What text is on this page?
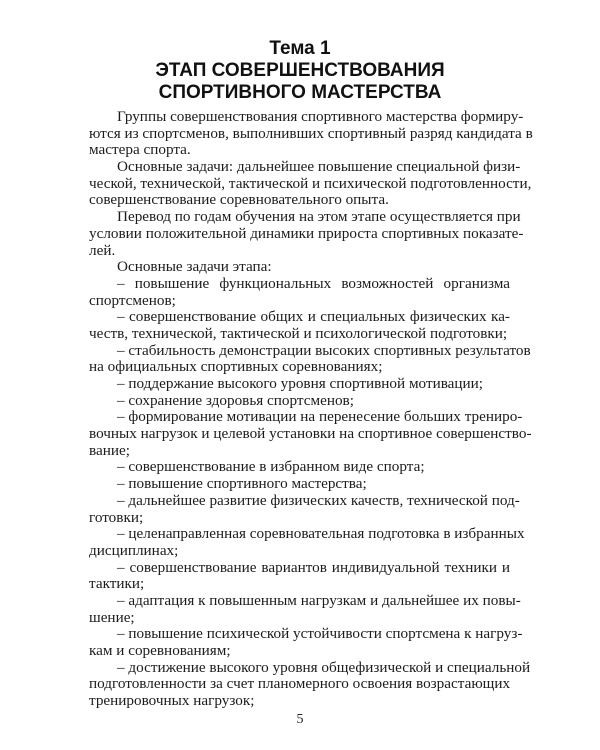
Тема 1
ЭТАП СОВЕРШЕНСТВОВАНИЯ
СПОРТИВНОГО МАСТЕРСТВА
Группы совершенствования спортивного мастерства формиру-
ются из спортсменов, выполнивших спортивный разряд кандидата в
мастера спорта.
Основные задачи: дальнейшее повышение специальной физи-
ческой, технической, тактической и психической подготовленности,
совершенствование соревновательного опыта.
Перевод по годам обучения на этом этапе осуществляется при
условии положительной динамики прироста спортивных показате-
лей.
Основные задачи этапа:
– повышение функциональных возможностей организма
спортсменов;
– совершенствование общих и специальных физических ка-
честв, технической, тактической и психологической подготовки;
– стабильность демонстрации высоких спортивных результатов
на официальных спортивных соревнованиях;
– поддержание высокого уровня спортивной мотивации;
– сохранение здоровья спортсменов;
– формирование мотивации на перенесение больших трениро-
вочных нагрузок и целевой установки на спортивное совершенство-
вание;
– совершенствование в избранном виде спорта;
– повышение спортивного мастерства;
– дальнейшее развитие физических качеств, технической под-
готовки;
– целенаправленная соревновательная подготовка в избранных
дисциплинах;
– совершенствование вариантов индивидуальной техники и
тактики;
– адаптация к повышенным нагрузкам и дальнейшее их повы-
шение;
5
– повышение психической устойчивости спортсмена к нагруз-
кам и соревнованиям;
– достижение высокого уровня общефизической и специальной
подготовленности за счет планомерного освоения возрастающих
тренировочных нагрузок;
